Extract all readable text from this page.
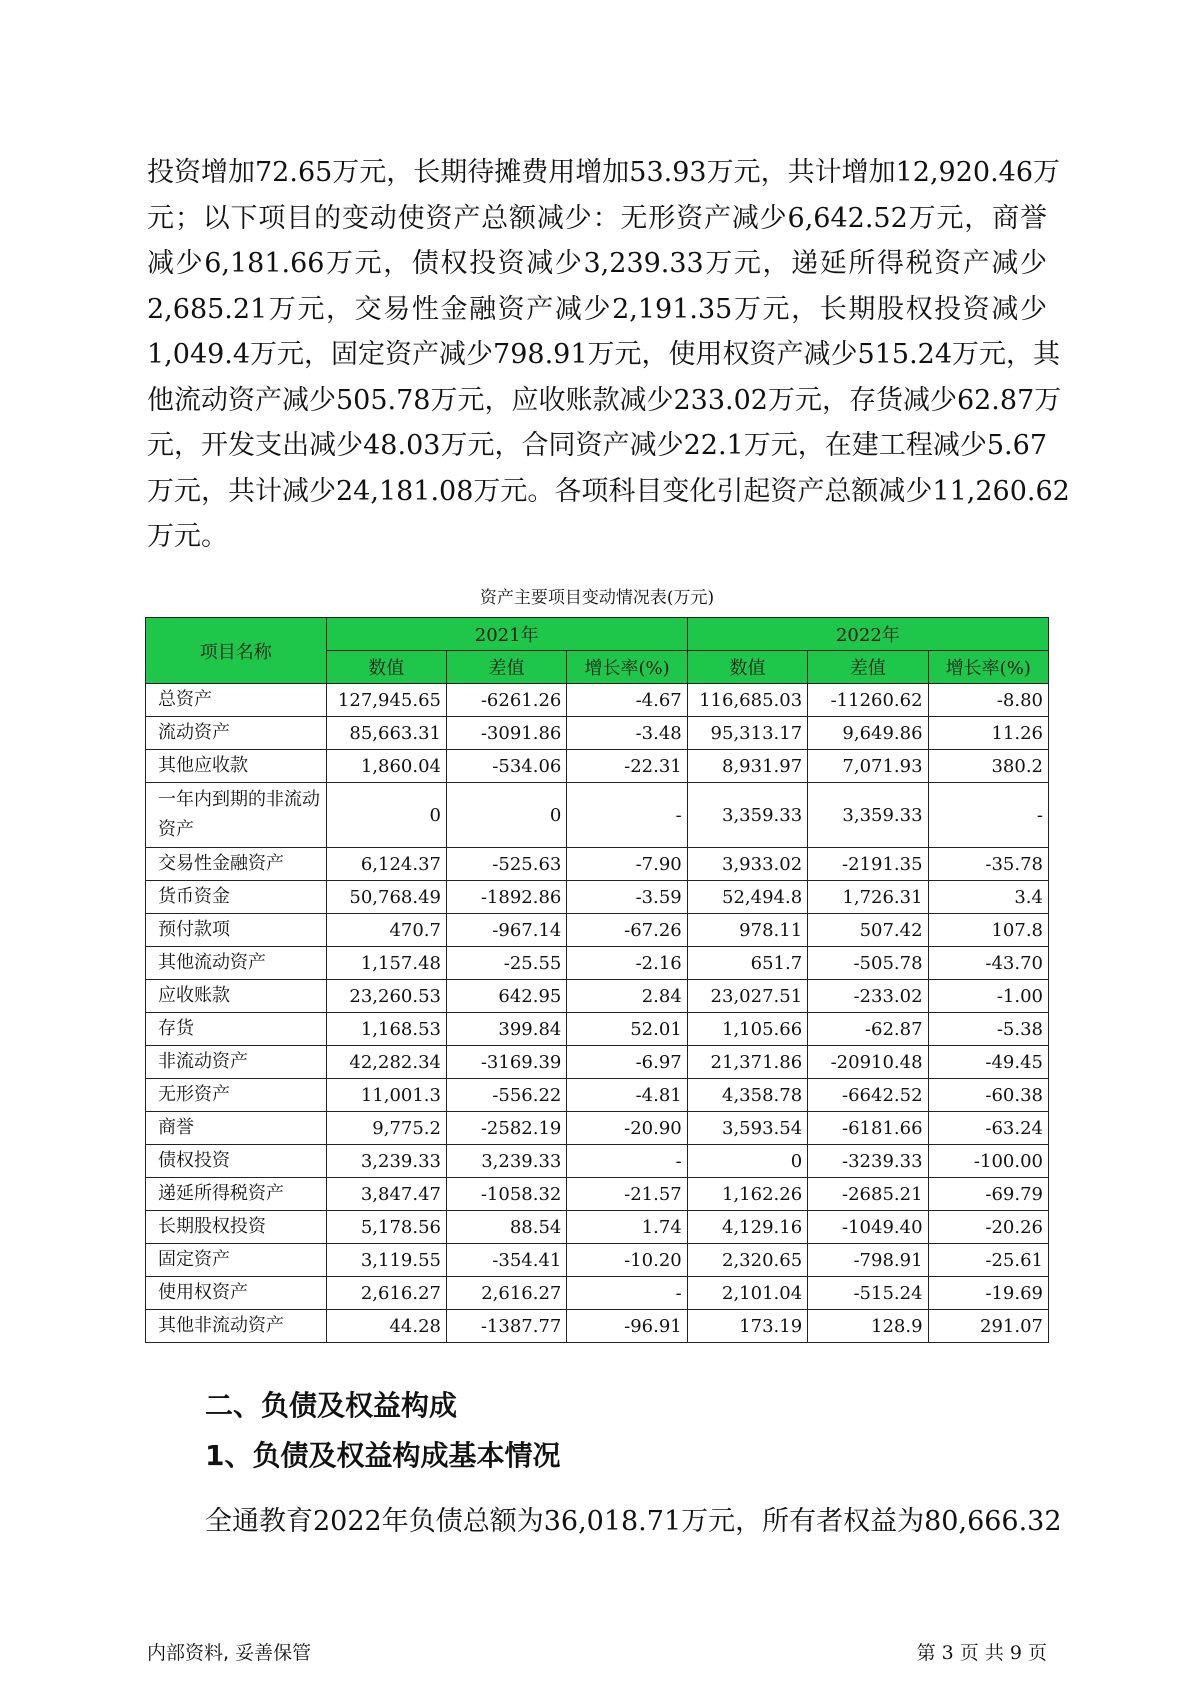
投资增加72.65万元，长期待摊费用增加53.93万元，共计增加12,920.46万
元；以下项目的变动使资产总额减少：无形资产减少6,642.52万元，商誉
减少6,181.66万元，债权投资减少3,239.33万元，递延所得税资产减少
2,685.21万元，交易性金融资产减少2,191.35万元，长期股权投资减少
1,049.4万元，固定资产减少798.91万元，使用权资产减少515.24万元，其
他流动资产减少505.78万元，应收账款减少233.02万元，存货减少62.87万
元，开发支出减少48.03万元，合同资产减少22.1万元，在建工程减少5.67
万元，共计减少24,181.08万元。各项科目变化引起资产总额减少11,260.62
万元。
资产主要项目变动情况表(万元)
项目名称	2021年			2022年		
	数值	差值	增长率(%)	数值	差值	增长率(%)
总资产	127,945.65	-6261.26	-4.67	116,685.03	-11260.62	-8.80
流动资产	85,663.31	-3091.86	-3.48	95,313.17	9,649.86	11.26
其他应收款	1,860.04	-534.06	-22.31	8,931.97	7,071.93	380.2
一年内到期的非流动资产	0	0	-	3,359.33	3,359.33	-
交易性金融资产	6,124.37	-525.63	-7.90	3,933.02	-2191.35	-35.78
货币资金	50,768.49	-1892.86	-3.59	52,494.8	1,726.31	3.4
预付款项	470.7	-967.14	-67.26	978.11	507.42	107.8
其他流动资产	1,157.48	-25.55	-2.16	651.7	-505.78	-43.70
应收账款	23,260.53	642.95	2.84	23,027.51	-233.02	-1.00
存货	1,168.53	399.84	52.01	1,105.66	-62.87	-5.38
非流动资产	42,282.34	-3169.39	-6.97	21,371.86	-20910.48	-49.45
无形资产	11,001.3	-556.22	-4.81	4,358.78	-6642.52	-60.38
商誉	9,775.2	-2582.19	-20.90	3,593.54	-6181.66	-63.24
债权投资	3,239.33	3,239.33	-	0	-3239.33	-100.00
递延所得税资产	3,847.47	-1058.32	-21.57	1,162.26	-2685.21	-69.79
长期股权投资	5,178.56	88.54	1.74	4,129.16	-1049.40	-20.26
固定资产	3,119.55	-354.41	-10.20	2,320.65	-798.91	-25.61
使用权资产	2,616.27	2,616.27	-	2,101.04	-515.24	-19.69
其他非流动资产	44.28	-1387.77	-96.91	173.19	128.9	291.07
二、负债及权益构成
1、负债及权益构成基本情况

全通教育2022年负债总额为36,018.71万元，所有者权益为80,666.32

内部资料, 妥善保管	第 3 页 共 9 页
